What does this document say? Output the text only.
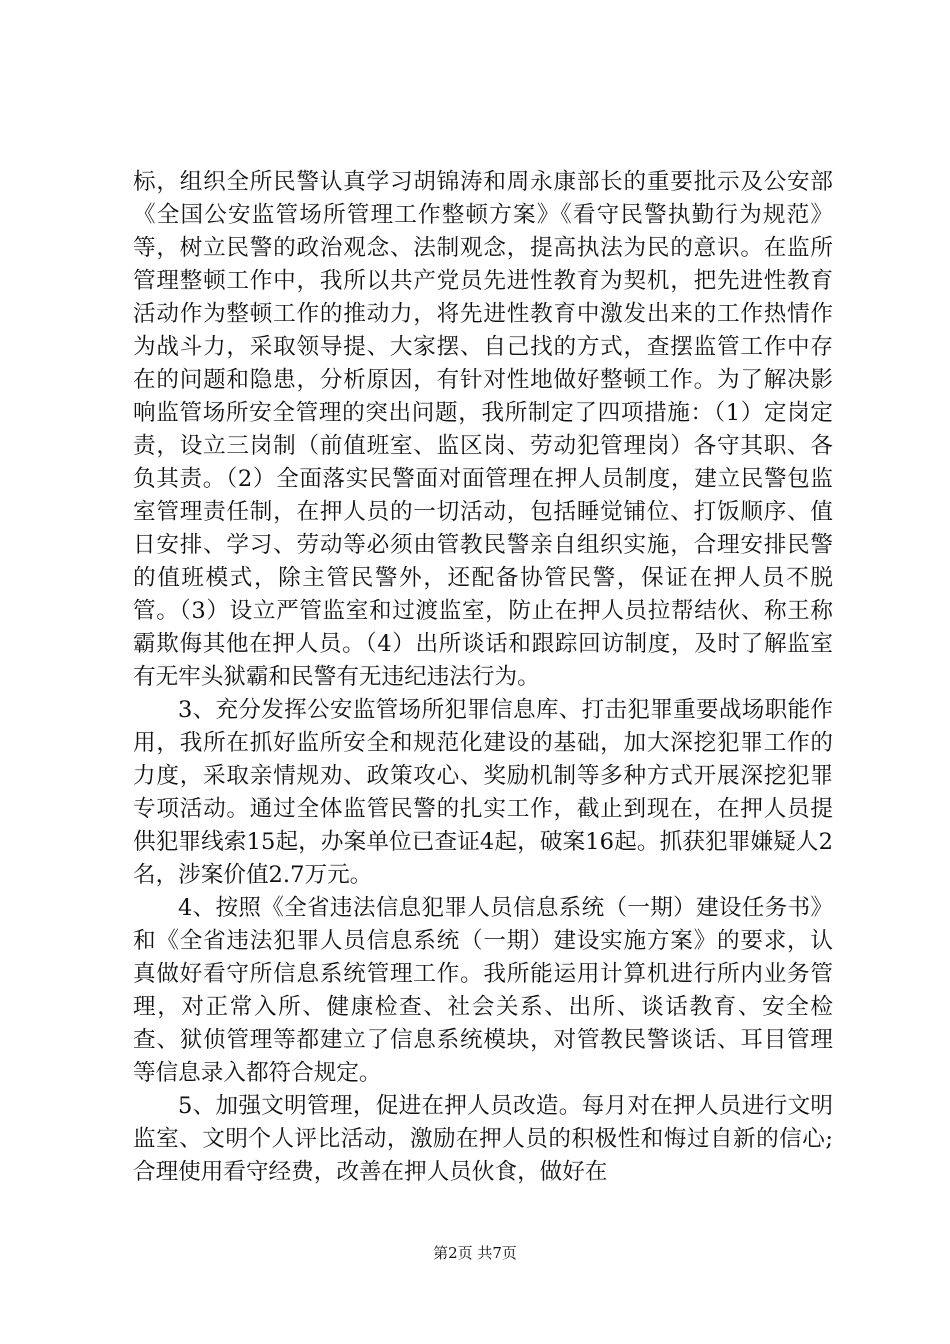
标，组织全所民警认真学习胡锦涛和周永康部长的重要批示及公安部《全国公安监管场所管理工作整顿方案》《看守民警执勤行为规范》等，树立民警的政治观念、法制观念，提高执法为民的意识。在监所管理整顿工作中，我所以共产党员先进性教育为契机，把先进性教育活动作为整顿工作的推动力，将先进性教育中激发出来的工作热情作为战斗力，采取领导提、大家摆、自己找的方式，查摆监管工作中存在的问题和隐患，分析原因，有针对性地做好整顿工作。为了解决影响监管场所安全管理的突出问题，我所制定了四项措施：（1）定岗定责，设立三岗制（前值班室、监区岗、劳动犯管理岗）各守其职、各负其责。（2）全面落实民警面对面管理在押人员制度，建立民警包监室管理责任制，在押人员的一切活动，包括睡觉铺位、打饭顺序、值日安排、学习、劳动等必须由管教民警亲自组织实施，合理安排民警的值班模式，除主管民警外，还配备协管民警，保证在押人员不脱管。（3）设立严管监室和过渡监室，防止在押人员拉帮结伙、称王称霸欺侮其他在押人员。（4）出所谈话和跟踪回访制度，及时了解监室有无牢头狱霸和民警有无违纪违法行为。

3、充分发挥公安监管场所犯罪信息库、打击犯罪重要战场职能作用，我所在抓好监所安全和规范化建设的基础，加大深挖犯罪工作的力度，采取亲情规劝、政策攻心、奖励机制等多种方式开展深挖犯罪专项活动。通过全体监管民警的扎实工作，截止到现在，在押人员提供犯罪线索15起，办案单位已查证4起，破案16起。抓获犯罪嫌疑人2名，涉案价值2.7万元。

4、按照《全省违法信息犯罪人员信息系统（一期）建设任务书》和《全省违法犯罪人员信息系统（一期）建设实施方案》的要求，认真做好看守所信息系统管理工作。我所能运用计算机进行所内业务管理，对正常入所、健康检查、社会关系、出所、谈话教育、安全检查、狱侦管理等都建立了信息系统模块，对管教民警谈话、耳目管理等信息录入都符合规定。

5、加强文明管理，促进在押人员改造。每月对在押人员进行文明监室、文明个人评比活动，激励在押人员的积极性和悔过自新的信心;合理使用看守经费，改善在押人员伙食，做好在

第2页 共7页
